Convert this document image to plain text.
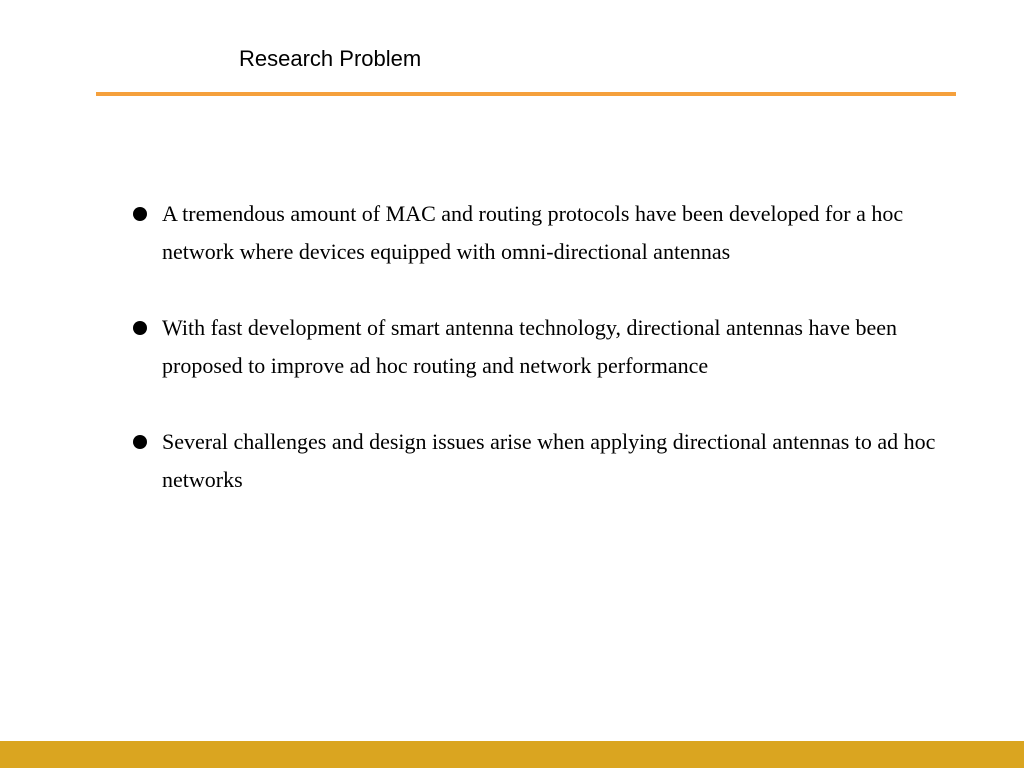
Research Problem
A tremendous amount of MAC and routing protocols have been developed for a hoc network where devices equipped with omni-directional antennas
With fast development of smart antenna technology, directional antennas have been proposed to improve ad hoc routing and network performance
Several challenges and design issues arise when applying directional antennas to ad hoc networks
